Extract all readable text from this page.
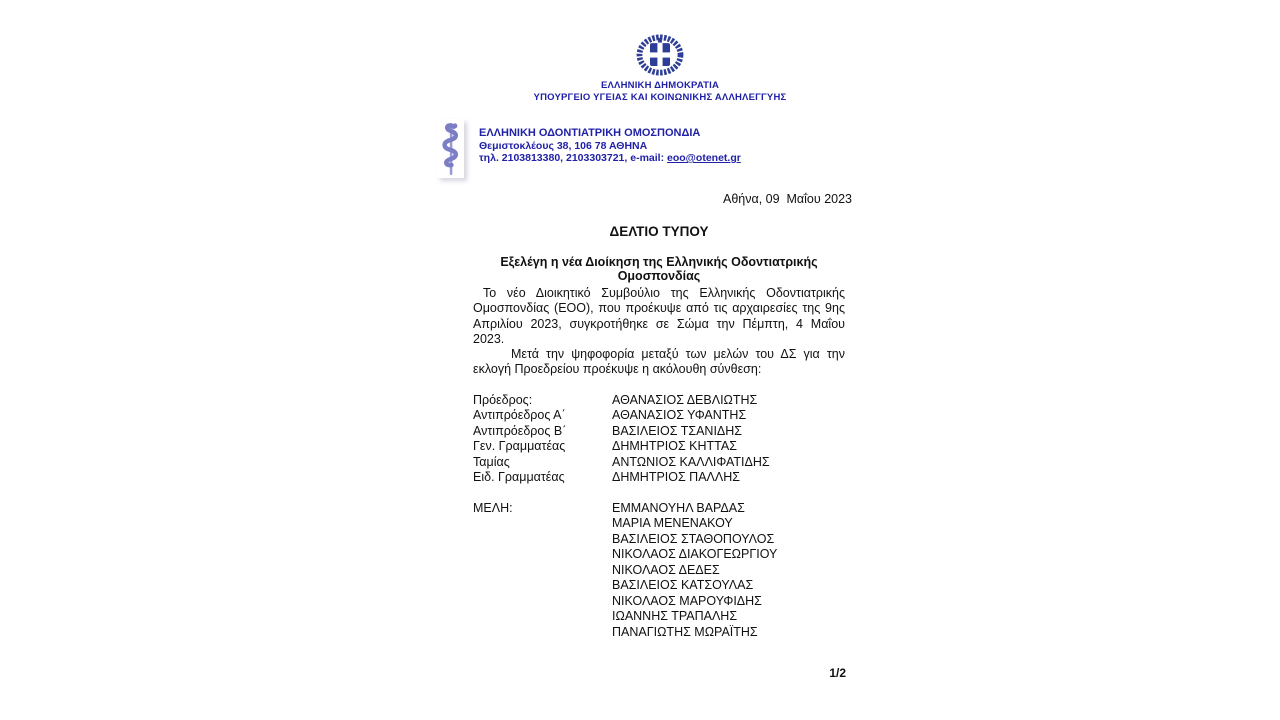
ΕΛΛΗΝΙΚΗ ΔΗΜΟΚΡΑΤΙΑ
ΥΠΟΥΡΓΕΙΟ ΥΓΕΙΑΣ ΚΑΙ ΚΟΙΝΩΝΙΚΗΣ ΑΛΛΗΛΕΓΓΥΗΣ
ΕΛΛΗΝΙΚΗ ΟΔΟΝΤΙΑΤΡΙΚΗ ΟΜΟΣΠΟΝΔΙΑ
Θεμιστοκλέους 38, 106 78 ΑΘΗΝΑ
τηλ. 2103813380, 2103303721, e-mail: eoo@otenet.gr
Αθήνα, 09  Μαΐου 2023
ΔΕΛΤΙΟ ΤΥΠΟΥ
Εξελέγη η νέα Διοίκηση της Ελληνικής Οδοντιατρικής Ομοσπονδίας

Το νέο Διοικητικό Συμβούλιο της Ελληνικής Οδοντιατρικής Ομοσπονδίας (ΕΟΟ), που προέκυψε από τις αρχαιρεσίες της 9ης Απριλίου 2023, συγκροτήθηκε σε Σώμα την Πέμπτη, 4 Μαΐου 2023.

Μετά την ψηφοφορία μεταξύ των μελών του ΔΣ για την εκλογή Προεδρείου προέκυψε η ακόλουθη σύνθεση:

Πρόεδρος:	ΑΘΑΝΑΣΙΟΣ ΔΕΒΛΙΩΤΗΣ
Αντιπρόεδρος Α΄	ΑΘΑΝΑΣΙΟΣ ΥΦΑΝΤΗΣ
Αντιπρόεδρος Β΄	ΒΑΣΙΛΕΙΟΣ ΤΣΑΝΙΔΗΣ
Γεν. Γραμματέας	ΔΗΜΗΤΡΙΟΣ ΚΗΤΤΑΣ
Ταμίας	ΑΝΤΩΝΙΟΣ ΚΑΛΛΙΦΑΤΙΔΗΣ
Ειδ. Γραμματέας	ΔΗΜΗΤΡΙΟΣ ΠΑΛΛΗΣ
ΜΕΛΗ:	ΕΜΜΑΝΟΥΗΛ ΒΑΡΔΑΣ
ΜΑΡΙΑ ΜΕΝΕΝΑΚΟΥ
ΒΑΣΙΛΕΙΟΣ ΣΤΑΘΟΠΟΥΛΟΣ
ΝΙΚΟΛΑΟΣ ΔΙΑΚΟΓΕΩΡΓΙΟΥ
ΝΙΚΟΛΑΟΣ ΔΕΔΕΣ
ΒΑΣΙΛΕΙΟΣ ΚΑΤΣΟΥΛΑΣ
ΝΙΚΟΛΑΟΣ ΜΑΡΟΥΦΙΔΗΣ
ΙΩΑΝΝΗΣ ΤΡΑΠΑΛΗΣ
ΠΑΝΑΓΙΩΤΗΣ ΜΩΡΑΪΤΗΣ
1/2
